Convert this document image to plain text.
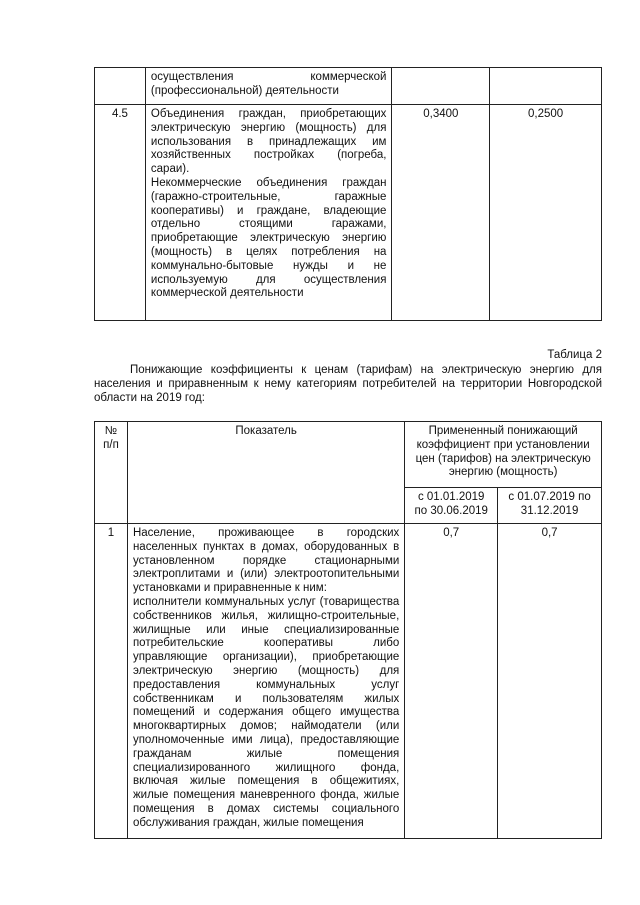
	осуществления коммерческой (профессиональной) деятельности		
4.5	Объединения граждан, приобретающих электрическую энергию (мощность) для использования в принадлежащих им хозяйственных постройках (погреба, сараи).
Некоммерческие объединения граждан (гаражно-строительные, гаражные кооперативы) и граждане, владеющие отдельно стоящими гаражами, приобретающие электрическую энергию (мощность) в целях потребления на коммунально-бытовые нужды и не используемую для осуществления коммерческой деятельности	0,3400	0,2500
Таблица 2
Понижающие коэффициенты к ценам (тарифам) на электрическую энергию для населения и приравненным к нему категориям потребителей на территории Новгородской области на 2019 год:
№ п/п	Показатель	Примененный понижающий коэффициент при установлении цен (тарифов) на электрическую энергию (мощность)	
		с 01.01.2019 по 30.06.2019	с 01.07.2019 по 31.12.2019
1	Население, проживающее в городских населенных пунктах в домах, оборудованных в установленном порядке стационарными электроплитами и (или) электроотопительными установками и приравненные к ним:
исполнители коммунальных услуг (товарищества собственников жилья, жилищно-строительные, жилищные или иные специализированные потребительские кооперативы либо управляющие организации), приобретающие электрическую энергию (мощность) для предоставления коммунальных услуг собственникам и пользователям жилых помещений и содержания общего имущества многоквартирных домов; наймодатели (или уполномоченные ими лица), предоставляющие гражданам жилые помещения специализированного жилищного фонда, включая жилые помещения в общежитиях, жилые помещения маневренного фонда, жилые помещения в домах системы социального обслуживания граждан, жилые помещения	0,7	0,7
